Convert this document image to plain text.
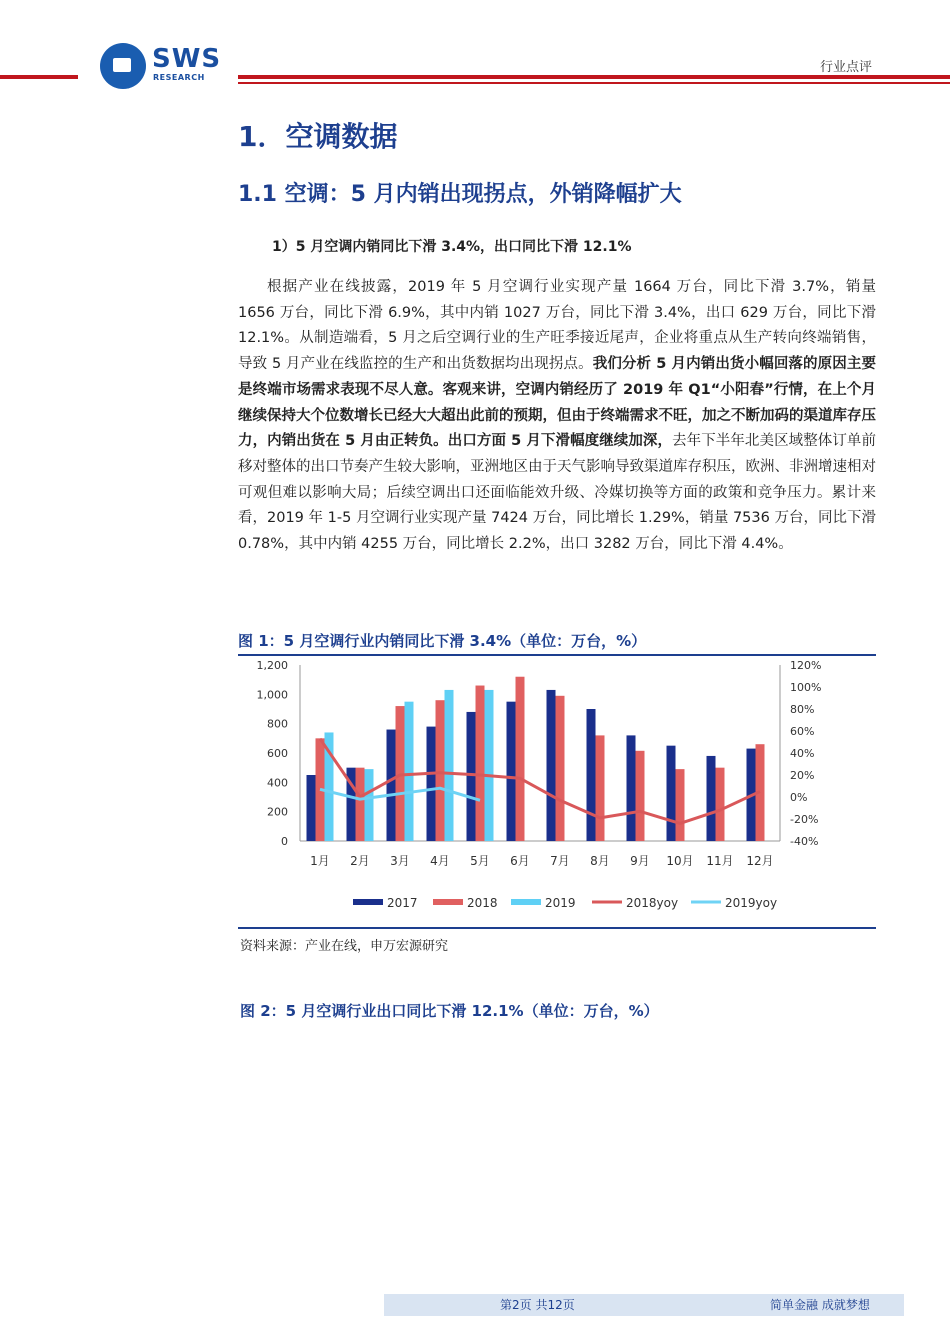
SWS
RESEARCH
行业点评
1．空调数据
1.1 空调：5 月内销出现拐点，外销降幅扩大
1）5 月空调内销同比下滑 3.4%，出口同比下滑 12.1%
根据产业在线披露，2019 年 5 月空调行业实现产量 1664 万台，同比下滑 3.7%，销量 1656 万台，同比下滑 6.9%，其中内销 1027 万台，同比下滑 3.4%，出口 629 万台，同比下滑 12.1%。从制造端看，5 月之后空调行业的生产旺季接近尾声，企业将重点从生产转向终端销售，导致 5 月产业在线监控的生产和出货数据均出现拐点。我们分析 5 月内销出货小幅回落的原因主要是终端市场需求表现不尽人意。客观来讲，空调内销经历了 2019 年 Q1“小阳春”行情，在上个月继续保持大个位数增长已经大大超出此前的预期，但由于终端需求不旺，加之不断加码的渠道库存压力，内销出货在 5 月由正转负。出口方面 5 月下滑幅度继续加深，去年下半年北美区域整体订单前移对整体的出口节奏产生较大影响，亚洲地区由于天气影响导致渠道库存积压，欧洲、非洲增速相对可观但难以影响大局；后续空调出口还面临能效升级、冷媒切换等方面的政策和竞争压力。累计来看，2019 年 1-5 月空调行业实现产量 7424 万台，同比增长 1.29%，销量 7536 万台，同比下滑 0.78%，其中内销 4255 万台，同比增长 2.2%，出口 3282 万台，同比下滑 4.4%。
图 1：5 月空调行业内销同比下滑 3.4%（单位：万台，%）
0
200
400
600
800
1,000
1,200
-40%
-20%
0%
20%
40%
60%
80%
100%
120%
1月 2月 3月 4月 5月 6月 7月 8月 9月 10月 11月 12月
2017	2018	2019	2018yoy	2019yoy
资料来源：产业在线，申万宏源研究
图 2：5 月空调行业出口同比下滑 12.1%（单位：万台，%）
第2页 共12页	简单金融 成就梦想
